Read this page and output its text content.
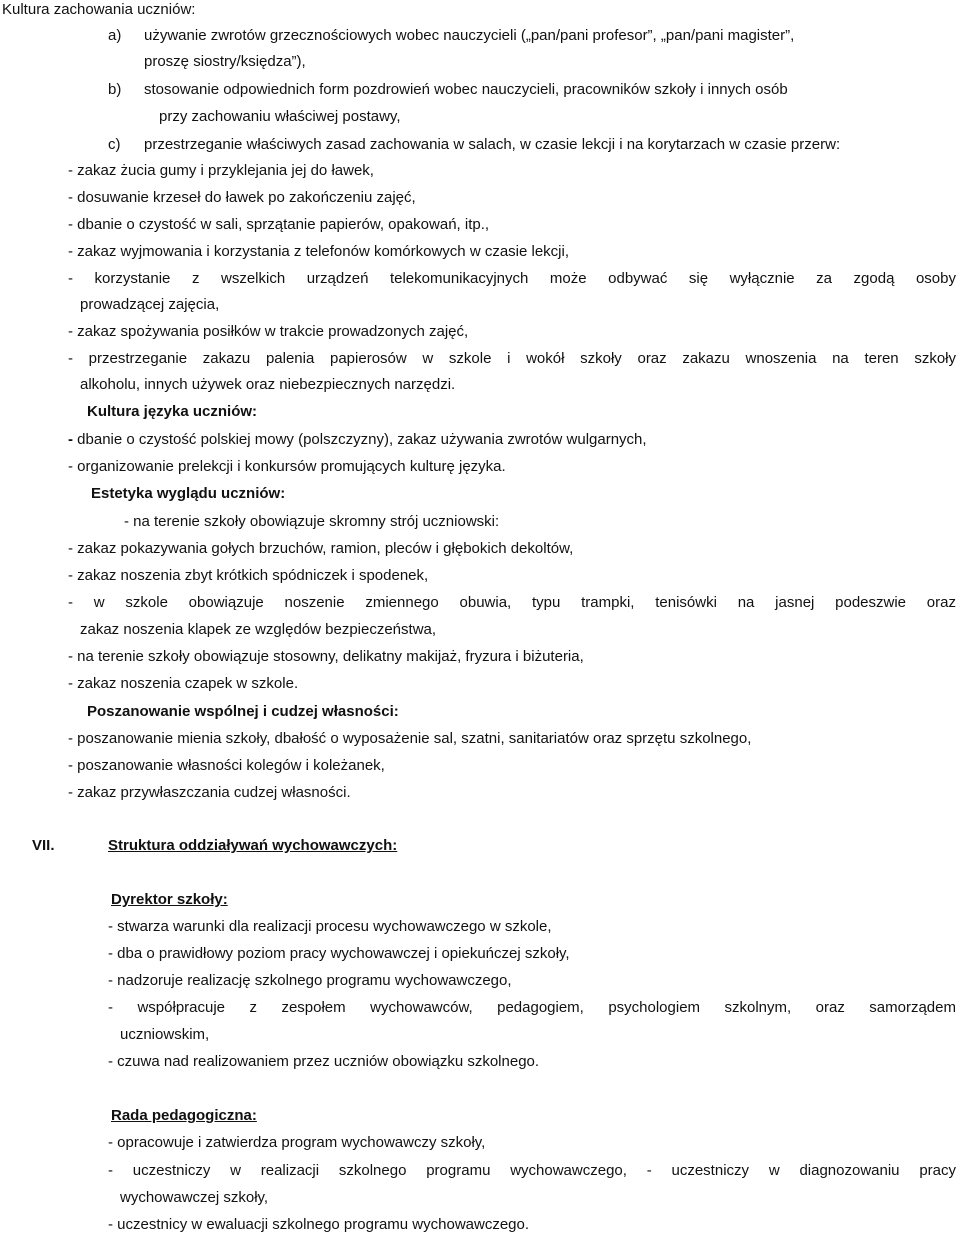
Kultura zachowania uczniów:
a) używanie zwrotów grzecznościowych wobec nauczycieli („pan/pani profesor”, „pan/pani magister”,
proszę siostry/księdza”),
b) stosowanie odpowiednich form pozdrowień wobec nauczycieli, pracowników szkoły i innych osób
przy zachowaniu właściwej postawy,
c) przestrzeganie właściwych zasad zachowania w salach, w czasie lekcji i na korytarzach w czasie przerw:
- zakaz żucia gumy i przyklejania jej do ławek,
- dosuwanie krzeseł do ławek po zakończeniu zajęć,
- dbanie o czystość w sali, sprzątanie papierów, opakowań, itp.,
- zakaz wyjmowania i korzystania z telefonów komórkowych w czasie lekcji,
- korzystanie z wszelkich urządzeń telekomunikacyjnych może odbywać się wyłącznie za zgodą osoby
prowadzącej zajęcia,
- zakaz spożywania posiłków w trakcie prowadzonych zajęć,
- przestrzeganie zakazu palenia papierosów w szkole i wokół szkoły oraz zakazu wnoszenia na teren szkoły
alkoholu, innych używek oraz niebezpiecznych narzędzi.
Kultura języka uczniów:
- dbanie o czystość polskiej mowy (polszczyzny), zakaz używania zwrotów wulgarnych,
- organizowanie prelekcji i konkursów promujących kulturę języka.
Estetyka wyglądu uczniów:
- na terenie szkoły obowiązuje skromny strój uczniowski:
- zakaz pokazywania gołych brzuchów, ramion, pleców i głębokich dekoltów,
- zakaz noszenia zbyt krótkich spódniczek i spodenek,
- w szkole obowiązuje noszenie zmiennego obuwia, typu trampki, tenisówki na jasnej podeszwie oraz
zakaz noszenia klapek ze względów bezpieczeństwa,
- na terenie szkoły obowiązuje stosowny, delikatny makijaż, fryzura i biżuteria,
- zakaz noszenia czapek w szkole.
Poszanowanie wspólnej i cudzej własności:
- poszanowanie mienia szkoły, dbałość o wyposażenie sal, szatni, sanitariatów oraz sprzętu szkolnego,
- poszanowanie własności kolegów i koleżanek,
- zakaz przywłaszczania cudzej własności.
VII.	Struktura oddziaływań wychowawczych:
Dyrektor szkoły:
- stwarza warunki dla realizacji procesu wychowawczego w szkole,
- dba o prawidłowy poziom pracy wychowawczej i opiekuńczej szkoły,
- nadzoruje realizację szkolnego programu wychowawczego,
- współpracuje z zespołem wychowawców, pedagogiem, psychologiem szkolnym, oraz samorządem
uczniowskim,
- czuwa nad realizowaniem przez uczniów obowiązku szkolnego.
Rada pedagogiczna:
- opracowuje i zatwierdza program wychowawczy szkoły,
- uczestniczy w realizacji szkolnego programu wychowawczego, - uczestniczy w diagnozowaniu pracy
wychowawczej szkoły,
- uczestnicy w ewaluacji szkolnego programu wychowawczego.
